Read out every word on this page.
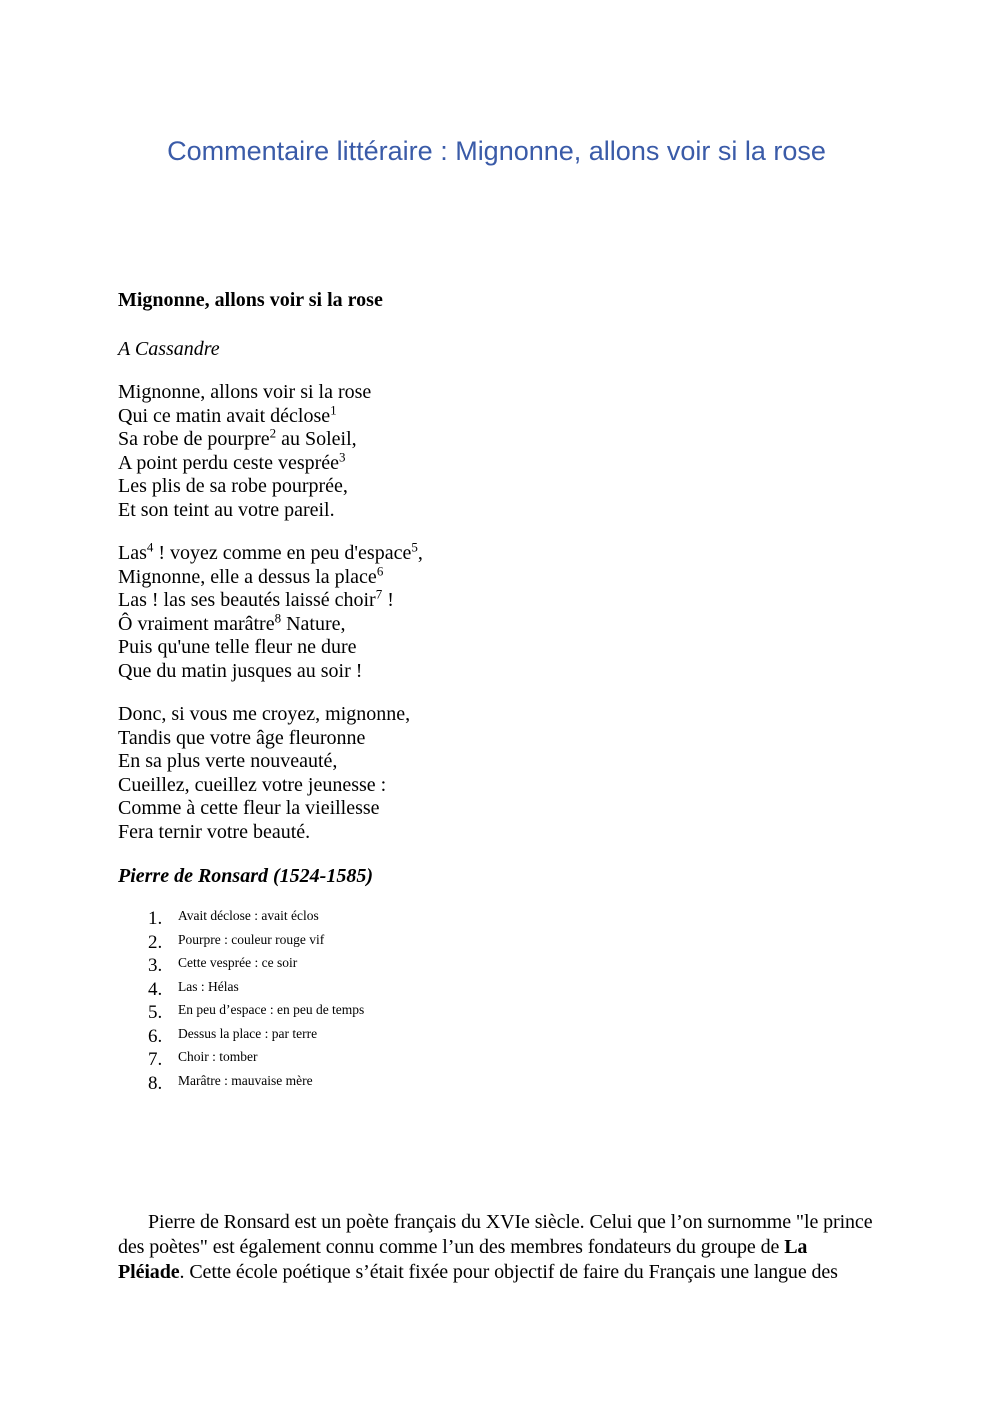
Commentaire littéraire : Mignonne, allons voir si la rose
Mignonne, allons voir si la rose

A Cassandre

Mignonne, allons voir si la rose
Qui ce matin avait déclose$^1$
Sa robe de pourpre$^2$ au Soleil,
A point perdu ceste vesprée$^3$
Les plis de sa robe pourprée,
Et son teint au votre pareil.
Las$^4$ ! voyez comme en peu d'espace$^5$,
Mignonne, elle a dessus la place$^6$
Las ! las ses beautés laissé choir$^7$ !
Ô vraiment marâtre$^8$ Nature,
Puis qu'une telle fleur ne dure
Que du matin jusques au soir !
Donc, si vous me croyez, mignonne,
Tandis que votre âge fleuronne
En sa plus verte nouveauté,
Cueillez, cueillez votre jeunesse :
Comme à cette fleur la vieillesse
Fera ternir votre beauté.

Pierre de Ronsard (1524-1585)

1.	Avait déclose : avait éclos
2.	Pourpre : couleur rouge vif
3.	Cette vesprée : ce soir
4.	Las : Hélas
5.	En peu d’espace : en peu de temps
6.	Dessus la place : par terre
7.	Choir : tomber
8.	Marâtre : mauvaise mère

Pierre de Ronsard est un poète français du XVIe siècle. Celui que l’on surnomme "le prince des poètes" est également connu comme l’un des membres fondateurs du groupe de La Pléiade. Cette école poétique s’était fixée pour objectif de faire du Français une langue des
